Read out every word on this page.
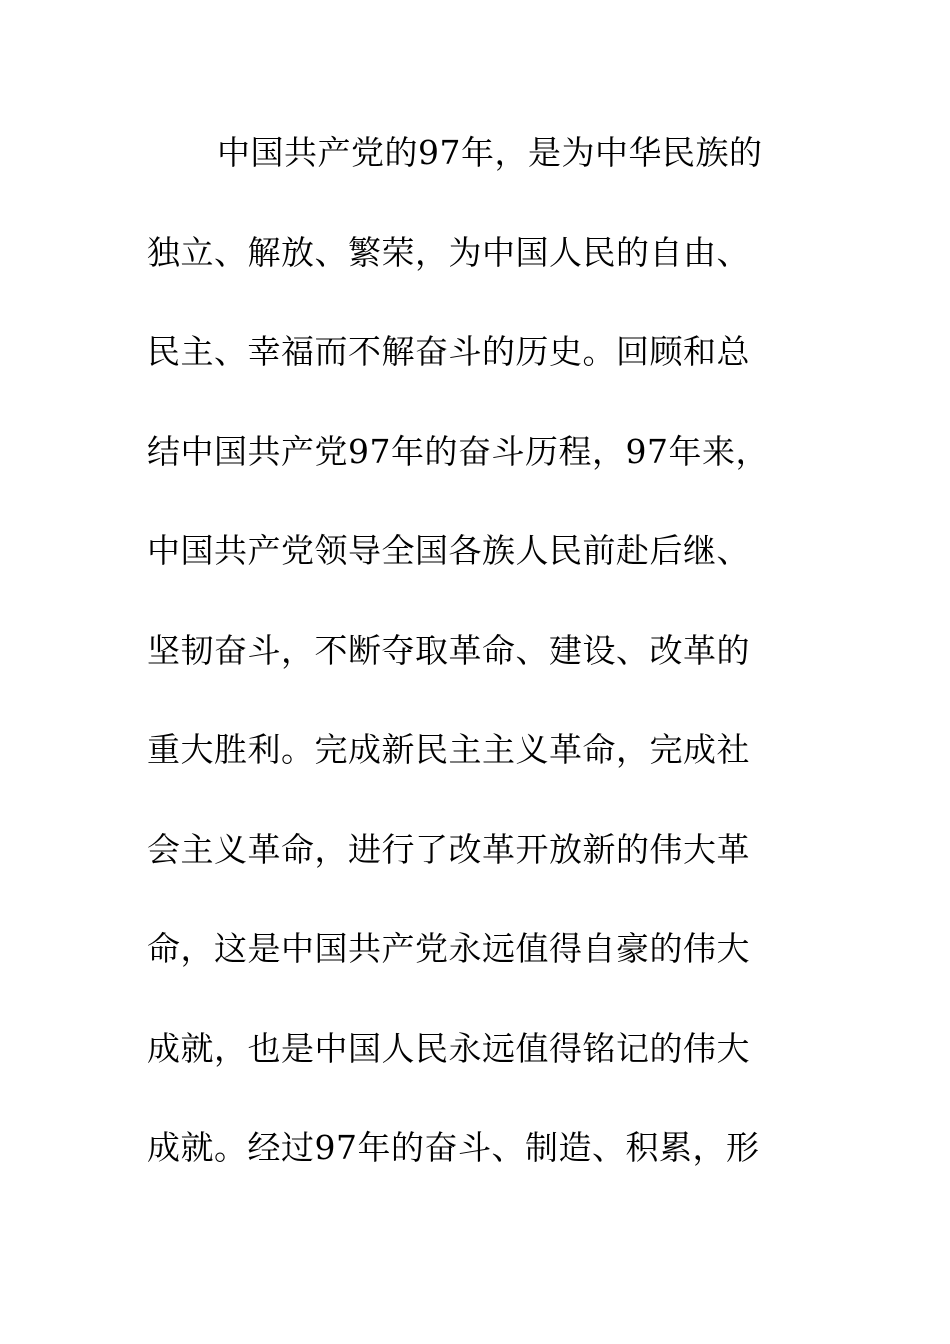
中国共产党的97年，是为中华民族的
独立、解放、繁荣，为中国人民的自由、
民主、幸福而不解奋斗的历史。回顾和总
结中国共产党97年的奋斗历程，97年来，
中国共产党领导全国各族人民前赴后继、
坚韧奋斗，不断夺取革命、建设、改革的
重大胜利。完成新民主主义革命，完成社
会主义革命，进行了改革开放新的伟大革
命，这是中国共产党永远值得自豪的伟大
成就，也是中国人民永远值得铭记的伟大
成就。经过97年的奋斗、制造、积累，形
